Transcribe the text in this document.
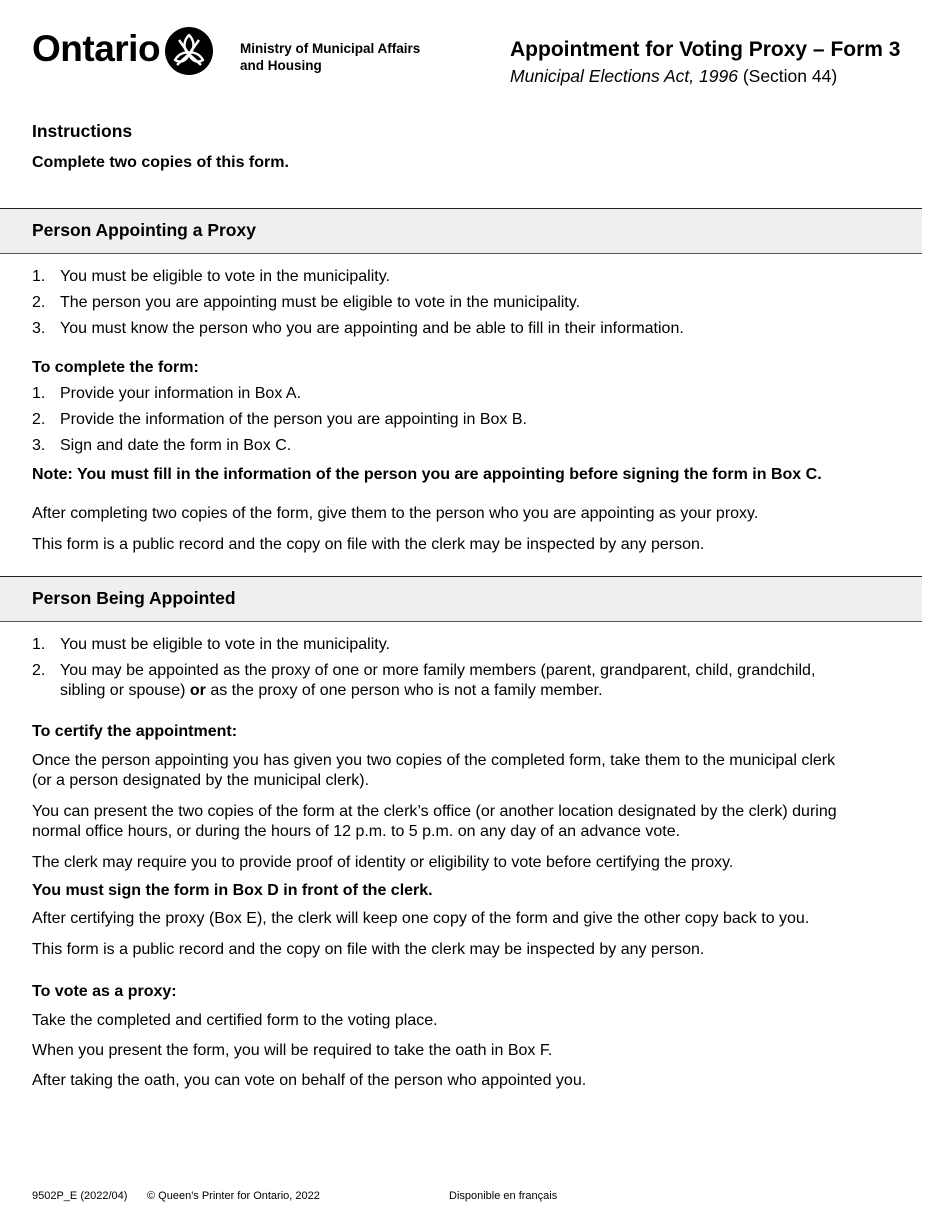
Ontario	Ministry of Municipal Affairs
and Housing
Appointment for Voting Proxy – Form 3
Municipal Elections Act, 1996 (Section 44)
Instructions
Complete two copies of this form.
Person Appointing a Proxy
1. You must be eligible to vote in the municipality.
2. The person you are appointing must be eligible to vote in the municipality.
3. You must know the person who you are appointing and be able to fill in their information.
To complete the form:
1. Provide your information in Box A.
2. Provide the information of the person you are appointing in Box B.
3. Sign and date the form in Box C.
Note: You must fill in the information of the person you are appointing before signing the form in Box C.
After completing two copies of the form, give them to the person who you are appointing as your proxy.
This form is a public record and the copy on file with the clerk may be inspected by any person.
Person Being Appointed
1. You must be eligible to vote in the municipality.
2. You may be appointed as the proxy of one or more family members (parent, grandparent, child, grandchild,
sibling or spouse) or as the proxy of one person who is not a family member.
To certify the appointment:
Once the person appointing you has given you two copies of the completed form, take them to the municipal clerk
(or a person designated by the municipal clerk).
You can present the two copies of the form at the clerk’s office (or another location designated by the clerk) during
normal office hours, or during the hours of 12 p.m. to 5 p.m. on any day of an advance vote.
The clerk may require you to provide proof of identity or eligibility to vote before certifying the proxy.
You must sign the form in Box D in front of the clerk.
After certifying the proxy (Box E), the clerk will keep one copy of the form and give the other copy back to you.
This form is a public record and the copy on file with the clerk may be inspected by any person.
To vote as a proxy:
Take the completed and certified form to the voting place.
When you present the form, you will be required to take the oath in Box F.
After taking the oath, you can vote on behalf of the person who appointed you.
9502P_E (2022/04) © Queen's Printer for Ontario, 2022	Disponible en français
